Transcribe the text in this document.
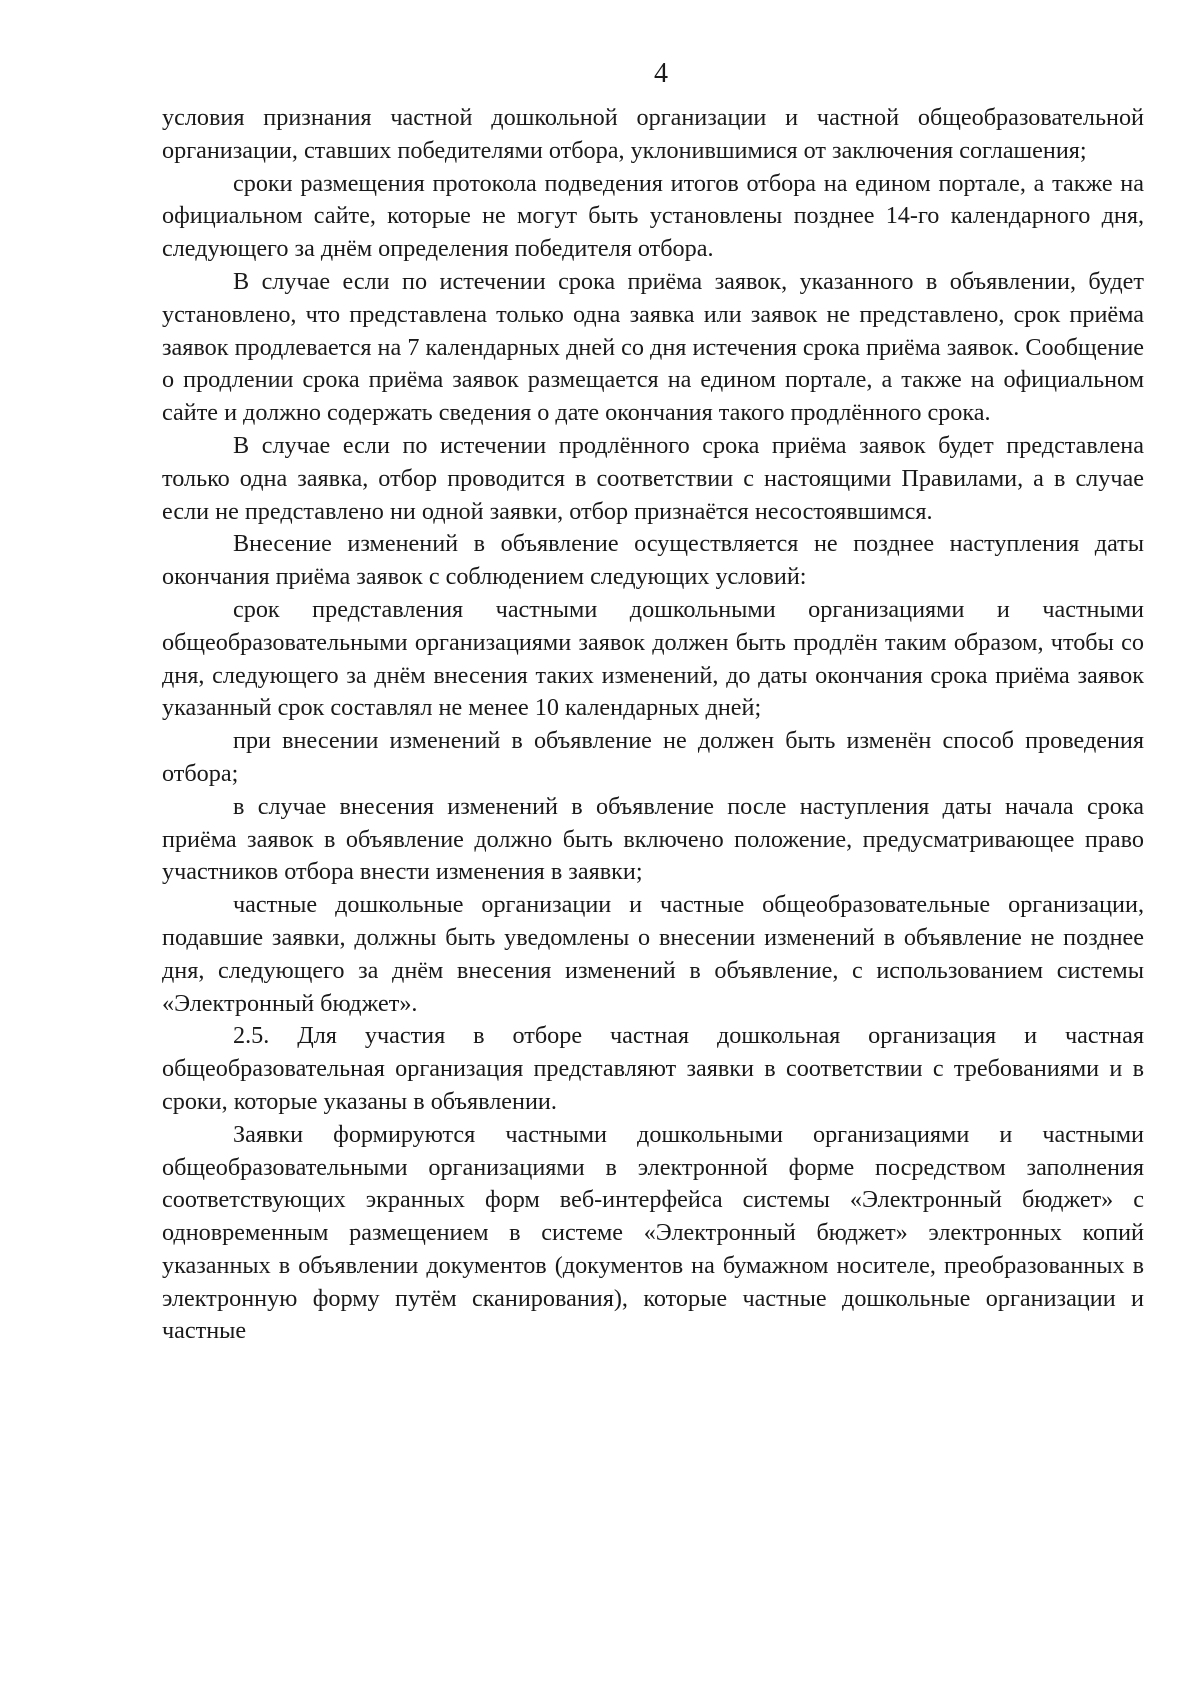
4

условия признания частной дошкольной организации и частной общеобразовательной организации, ставших победителями отбора, уклонившимися от заключения соглашения;

сроки размещения протокола подведения итогов отбора на едином портале, а также на официальном сайте, которые не могут быть установлены позднее 14-го календарного дня, следующего за днём определения победителя отбора.

В случае если по истечении срока приёма заявок, указанного в объявлении, будет установлено, что представлена только одна заявка или заявок не представлено, срок приёма заявок продлевается на 7 календарных дней со дня истечения срока приёма заявок. Сообщение о продлении срока приёма заявок размещается на едином портале, а также на официальном сайте и должно содержать сведения о дате окончания такого продлённого срока.

В случае если по истечении продлённого срока приёма заявок будет представлена только одна заявка, отбор проводится в соответствии с настоящими Правилами, а в случае если не представлено ни одной заявки, отбор признаётся несостоявшимся.

Внесение изменений в объявление осуществляется не позднее наступления даты окончания приёма заявок с соблюдением следующих условий:

срок представления частными дошкольными организациями и частными общеобразовательными организациями заявок должен быть продлён таким образом, чтобы со дня, следующего за днём внесения таких изменений, до даты окончания срока приёма заявок указанный срок составлял не менее 10 календарных дней;

при внесении изменений в объявление не должен быть изменён способ проведения отбора;

в случае внесения изменений в объявление после наступления даты начала срока приёма заявок в объявление должно быть включено положение, предусматривающее право участников отбора внести изменения в заявки;

частные дошкольные организации и частные общеобразовательные организации, подавшие заявки, должны быть уведомлены о внесении изменений в объявление не позднее дня, следующего за днём внесения изменений в объявление, с использованием системы «Электронный бюджет».

2.5. Для участия в отборе частная дошкольная организация и частная общеобразовательная организация представляют заявки в соответствии с требованиями и в сроки, которые указаны в объявлении.

Заявки формируются частными дошкольными организациями и частными общеобразовательными организациями в электронной форме посредством заполнения соответствующих экранных форм веб-интерфейса системы «Электронный бюджет» с одновременным размещением в системе «Электронный бюджет» электронных копий указанных в объявлении документов (документов на бумажном носителе, преобразованных в электронную форму путём сканирования), которые частные дошкольные организации и частные
